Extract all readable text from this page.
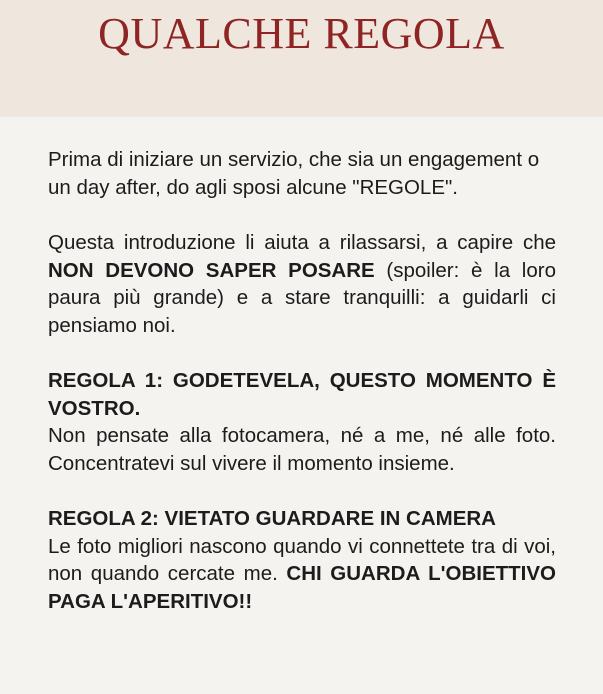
QUALCHE REGOLA

Prima di iniziare un servizio, che sia un engagement o un day after, do agli sposi alcune "REGOLE".

Questa introduzione li aiuta a rilassarsi, a capire che NON DEVONO SAPER POSARE (spoiler: è la loro paura più grande) e a stare tranquilli: a guidarli ci pensiamo noi.

REGOLA 1: GODETEVELA, QUESTO MOMENTO È VOSTRO.
Non pensate alla fotocamera, né a me, né alle foto. Concentratevi sul vivere il momento insieme.

REGOLA 2: VIETATO GUARDARE IN CAMERA
Le foto migliori nascono quando vi connettete tra di voi, non quando cercate me. CHI GUARDA L'OBIETTIVO PAGA L'APERITIVO!!
